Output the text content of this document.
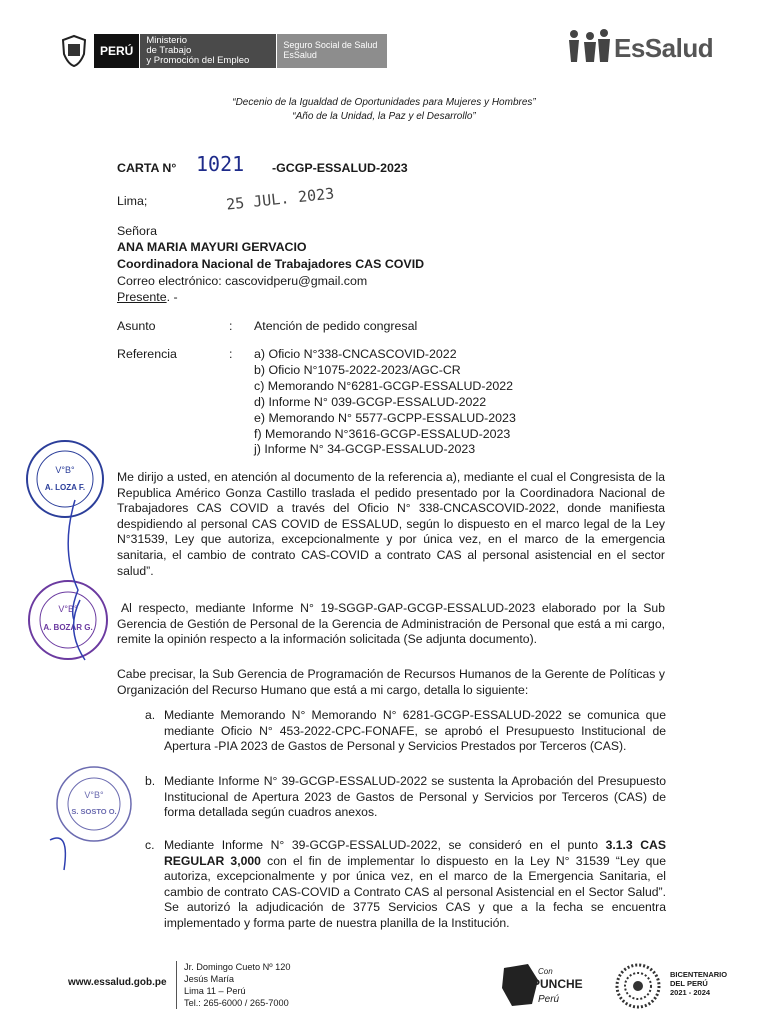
PERÚ
Ministerio
de Trabajo
y Promoción del Empleo
Seguro Social de Salud
EsSalud	EsSalud
“Decenio de la Igualdad de Oportunidades para Mujeres y Hombres”
“Año de la Unidad, la Paz y el Desarrollo”
CARTA N° 1021 -GCGP-ESSALUD-2023
Lima;	25 JUL. 2023
Señora
ANA MARIA MAYURI GERVACIO
Coordinadora Nacional de Trabajadores CAS COVID
Correo electrónico: cascovidperu@gmail.com
Presente. -
Asunto	: Atención de pedido congresal
Referencia	: a) Oficio N°338-CNCASCOVID-2022
b) Oficio N°1075-2022-2023/AGC-CR
c) Memorando N°6281-GCGP-ESSALUD-2022
d) Informe N° 039-GCGP-ESSALUD-2022
e) Memorando N° 5577-GCPP-ESSALUD-2023
f) Memorando N°3616-GCGP-ESSALUD-2023
j) Informe N° 34-GCGP-ESSALUD-2023
Me dirijo a usted, en atención al documento de la referencia a), mediante el cual el Congresista de la Republica Américo Gonza Castillo traslada el pedido presentado por la Coordinadora Nacional de Trabajadores CAS COVID a través del Oficio N° 338-CNCASCOVID-2022, donde manifiesta despidiendo al personal CAS COVID de ESSALUD, según lo dispuesto en el marco legal de la Ley N°31539, Ley que autoriza, excepcionalmente y por única vez, en el marco de la emergencia sanitaria, el cambio de contrato CAS-COVID a contrato CAS al personal asistencial en el sector salud”.
Al respecto, mediante Informe N° 19-SGGP-GAP-GCGP-ESSALUD-2023 elaborado por la Sub Gerencia de Gestión de Personal de la Gerencia de Administración de Personal que está a mi cargo, remite la opinión respecto a la información solicitada (Se adjunta documento).
Cabe precisar, la Sub Gerencia de Programación de Recursos Humanos de la Gerente de Políticas y Organización del Recurso Humano que está a mi cargo, detalla lo siguiente:
a. Mediante Memorando N° Memorando N° 6281-GCGP-ESSALUD-2022 se comunica que mediante Oficio N° 453-2022-CPC-FONAFE, se aprobó el Presupuesto Institucional de Apertura -PIA 2023 de Gastos de Personal y Servicios Prestados por Terceros (CAS).
b. Mediante Informe N° 39-GCGP-ESSALUD-2022 se sustenta la Aprobación del Presupuesto Institucional de Apertura 2023 de Gastos de Personal y Servicios por Terceros (CAS) de forma detallada según cuadros anexos.
c. Mediante Informe N° 39-GCGP-ESSALUD-2022, se consideró en el punto 3.1.3 CAS REGULAR 3,000 con el fin de implementar lo dispuesto en la Ley N° 31539 “Ley que autoriza, excepcionalmente y por única vez, en el marco de la Emergencia Sanitaria, el cambio de contrato CAS-COVID a Contrato CAS al personal Asistencial en el Sector Salud”. Se autorizó la adjudicación de 3775 Servicios CAS y que a la fecha se encuentra implementado y forma parte de nuestra planilla de la Institución.
V°B°
A. LOZA F.
V°B°
A. BOZAR G.
V°B°
S. SOSTO O.
www.essalud.gob.pe
Jr. Domingo Cueto Nº 120
Jesús María
Lima 11 – Perú
Tel.: 265-6000 / 265-7000
Con
PUNCHE
Perú
BICENTENARIO
DEL PERÚ
2021 - 2024
